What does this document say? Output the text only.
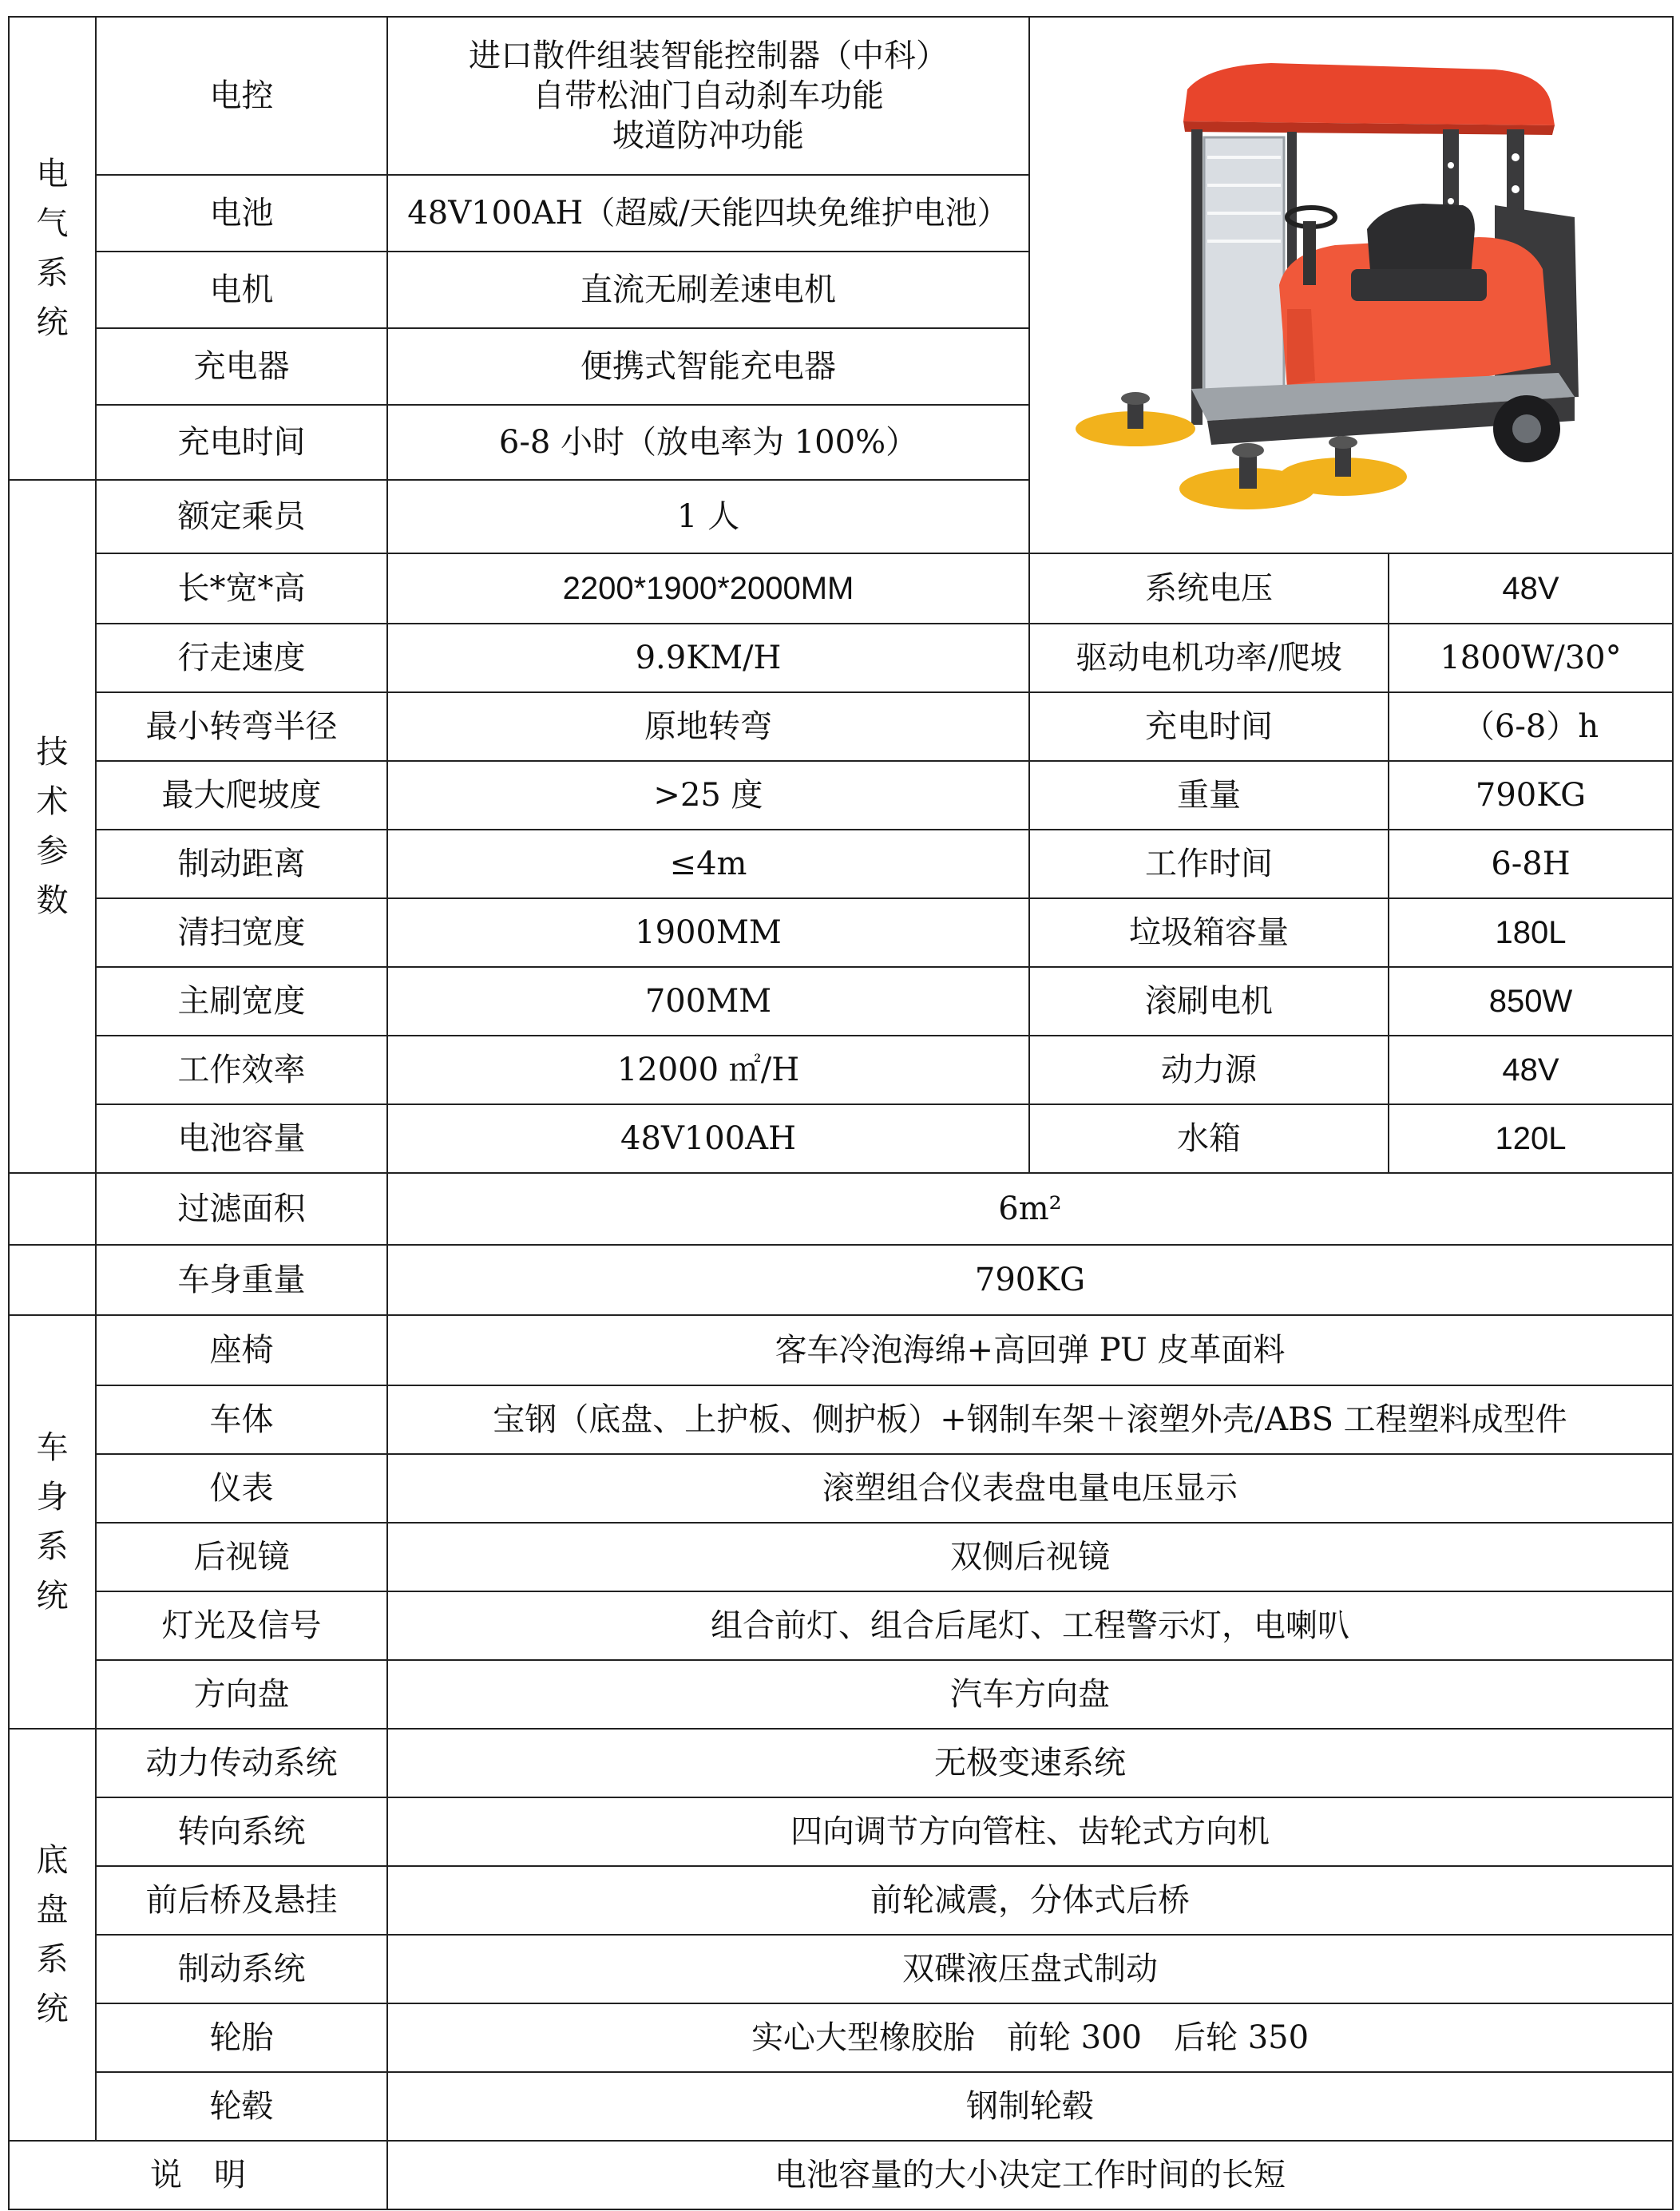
电气系统	电控	进口散件组装智能控制器（中科）
自带松油门自动刹车功能
坡道防冲功能

	电池	48V100AH（超威/天能四块免维护电池）		
	电机	直流无刷差速电机		
	充电器	便携式智能充电器		
	充电时间	6-8 小时（放电率为 100%）		
技术参数	额定乘员	1 人		
	长*宽*高	2200*1900*2000MM	系统电压	48V
	行走速度	9.9KM/H	驱动电机功率/爬坡	1800W/30°
	最小转弯半径	原地转弯	充电时间	（6-8）h
	最大爬坡度	>25 度	重量	790KG
	制动距离	≤4m	工作时间	6-8H
	清扫宽度	1900MM	垃圾箱容量	180L
	主刷宽度	700MM	滚刷电机	850W
	工作效率	12000 ㎡/H	动力源	48V
	电池容量	48V100AH	水箱	120L
	过滤面积	6m²		
	车身重量	790KG		
车身系统	座椅	客车冷泡海绵+高回弹 PU 皮革面料		
	车体	宝钢（底盘、上护板、侧护板）+钢制车架＋滚塑外壳/ABS 工程塑料成型件		
	仪表	滚塑组合仪表盘电量电压显示		
	后视镜	双侧后视镜		
	灯光及信号	组合前灯、组合后尾灯、工程警示灯，电喇叭		
	方向盘	汽车方向盘		
底盘系统	动力传动系统	无极变速系统		
	转向系统	四向调节方向管柱、齿轮式方向机		
	前后桥及悬挂	前轮减震，分体式后桥		
	制动系统	双碟液压盘式制动		
	轮胎	实心大型橡胶胎　前轮 300　后轮 350		
	轮毂	钢制轮毂		
说　明		电池容量的大小决定工作时间的长短		
